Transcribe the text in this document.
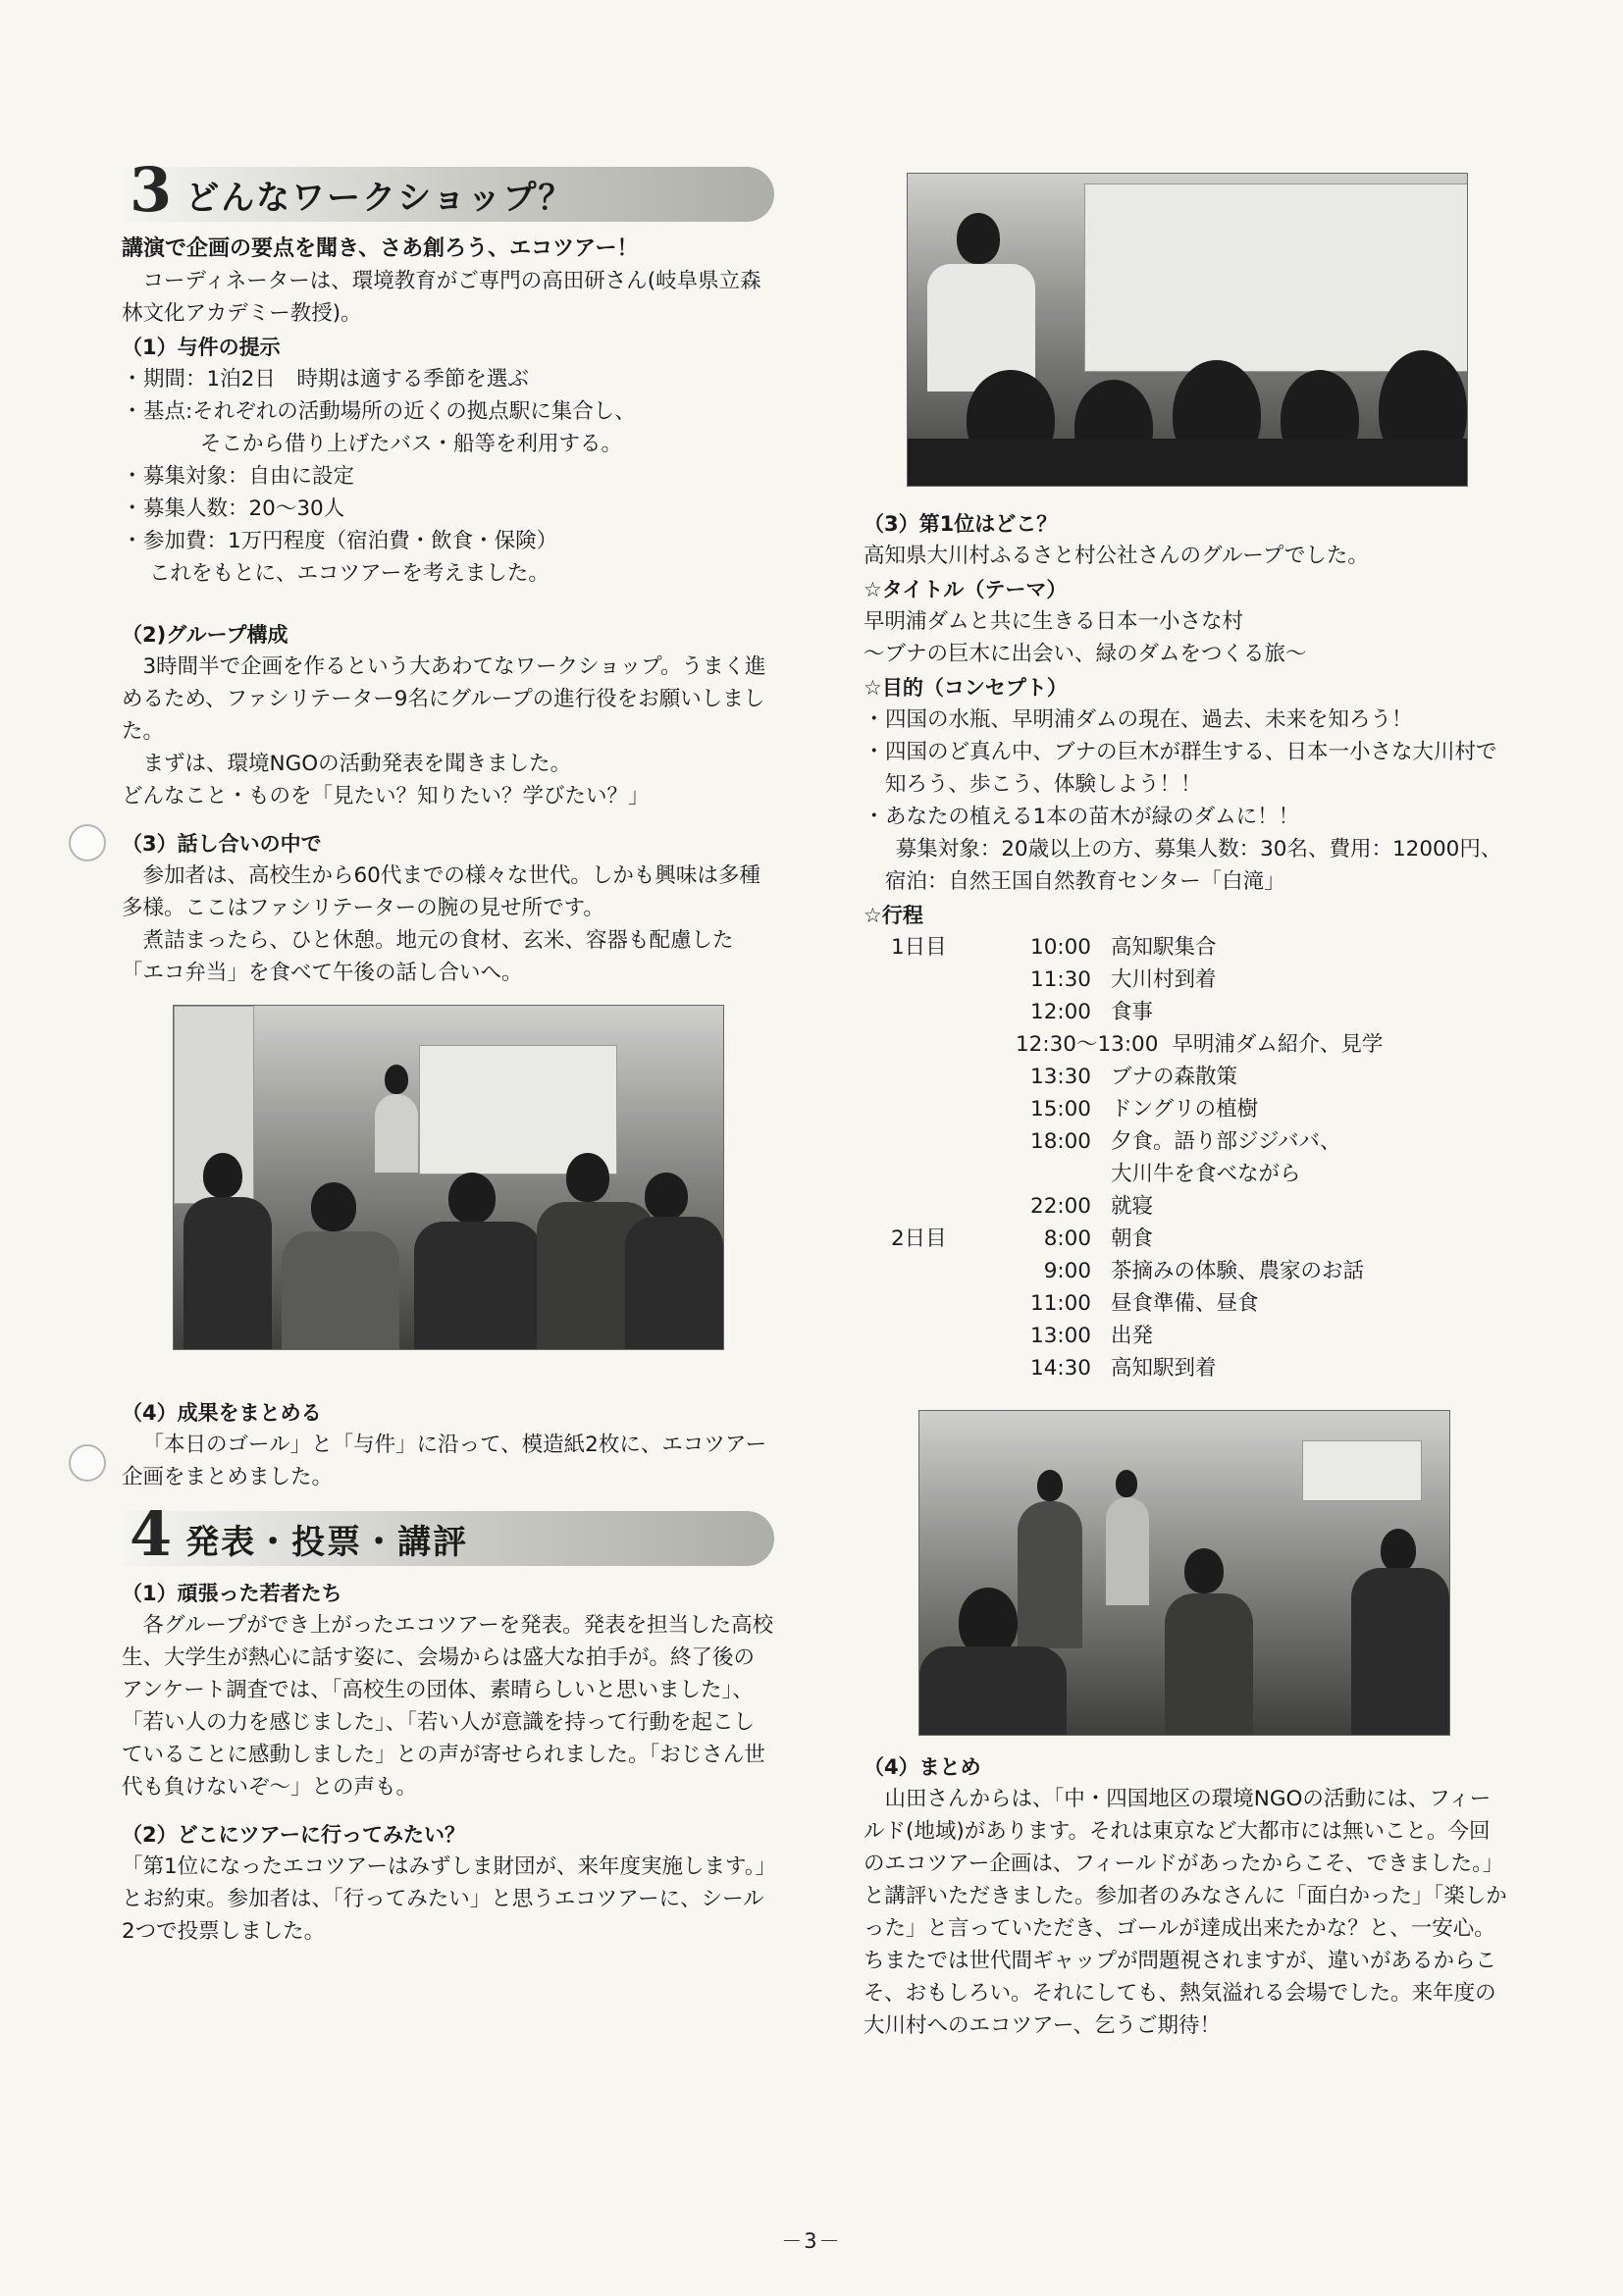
3 どんなワークショップ？
講演で企画の要点を聞き、さあ創ろう、エコツアー！

コーディネーターは、環境教育がご専門の高田研さん(岐阜県立森林文化アカデミー教授)。

（1）与件の提示
・ 期間：1泊2日　時期は適する季節を選ぶ
・ 基点:それぞれの活動場所の近くの拠点駅に集合し、
そこから借り上げたバス・船等を利用する。
・ 募集対象：自由に設定
・ 募集人数：20〜30人
・ 参加費：1万円程度（宿泊費・飲食・保険）

これをもとに、エコツアーを考えました。

（2)グループ構成

3時間半で企画を作るという大あわてなワークショップ。うまく進めるため、ファシリテーター9名にグループの進行役をお願いしました。

まずは、環境NGOの活動発表を聞きました。

どんなこと・ものを「見たい？知りたい？学びたい？」

（3）話し合いの中で

参加者は、高校生から60代までの様々な世代。しかも興味は多種多様。ここはファシリテーターの腕の見せ所です。

煮詰まったら、ひと休憩。地元の食材、玄米、容器も配慮した「エコ弁当」を食べて午後の話し合いへ。

（4）成果をまとめる

「本日のゴール」と「与件」に沿って、模造紙2枚に、エコツアー企画をまとめました。

4 発表・投票・講評
（1）頑張った若者たち

各グループができ上がったエコツアーを発表。発表を担当した高校生、大学生が熱心に話す姿に、会場からは盛大な拍手が。終了後のアンケート調査では、「高校生の団体、素晴らしいと思いました」、「若い人の力を感じました」、「若い人が意識を持って行動を起こしていることに感動しました」との声が寄せられました。「おじさん世代も負けないぞ〜」との声も。

（2）どこにツアーに行ってみたい？

「第1位になったエコツアーはみずしま財団が、来年度実施します。」とお約束。参加者は、「行ってみたい」と思うエコツアーに、シール2つで投票しました。

（3）第1位はどこ？

高知県大川村ふるさと村公社さんのグループでした。

☆タイトル（テーマ）

早明浦ダムと共に生きる日本一小さな村

〜ブナの巨木に出会い、緑のダムをつくる旅〜

☆目的（コンセプト）
・ 四国の水瓶、早明浦ダムの現在、過去、未来を知ろう！
・ 四国のど真ん中、ブナの巨木が群生する、日本一小さな大川村で知ろう、歩こう、体験しよう！！
・ あなたの植える1本の苗木が緑のダムに！！

募集対象：20歳以上の方、募集人数：30名、費用：12000円、宿泊：自然王国自然教育センター「白滝」

☆行程
1日目	10:00 高知駅集合
11:30 大川村到着
12:00 食事
12:30〜13:00 早明浦ダム紹介、見学
13:30 ブナの森散策
15:00 ドングリの植樹
18:00 夕食。語り部ジジババ、
大川牛を食べながら
22:00 就寝
2日目	8:00 朝食
9:00 茶摘みの体験、農家のお話
11:00 昼食準備、昼食
13:00 出発
14:30 高知駅到着
（4）まとめ

山田さんからは、「中・四国地区の環境NGOの活動には、フィールド(地域)があります。それは東京など大都市には無いこと。今回のエコツアー企画は、フィールドがあったからこそ、できました。」と講評いただきました。参加者のみなさんに「面白かった」「楽しかった」と言っていただき、ゴールが達成出来たかな？と、一安心。ちまたでは世代間ギャップが問題視されますが、違いがあるからこそ、おもしろい。それにしても、熱気溢れる会場でした。来年度の大川村へのエコツアー、乞うご期待！

－3－
